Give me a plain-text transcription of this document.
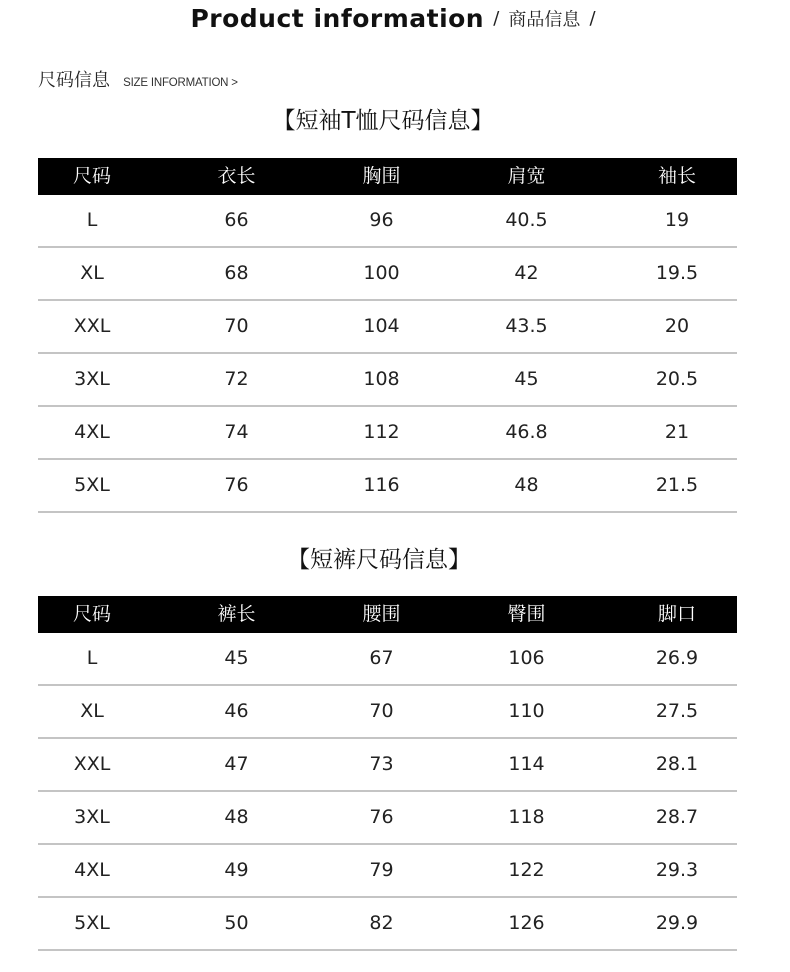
Product information / 商品信息 /
尺码信息 SIZE INFORMATION >
【短袖T恤尺码信息】
尺码	衣长	胸围	肩宽	袖长
L	66	96	40.5	19
XL	68	100	42	19.5
XXL	70	104	43.5	20
3XL	72	108	45	20.5
4XL	74	112	46.8	21
5XL	76	116	48	21.5
【短裤尺码信息】
尺码	裤长	腰围	臀围	脚口
L	45	67	106	26.9
XL	46	70	110	27.5
XXL	47	73	114	28.1
3XL	48	76	118	28.7
4XL	49	79	122	29.3
5XL	50	82	126	29.9
